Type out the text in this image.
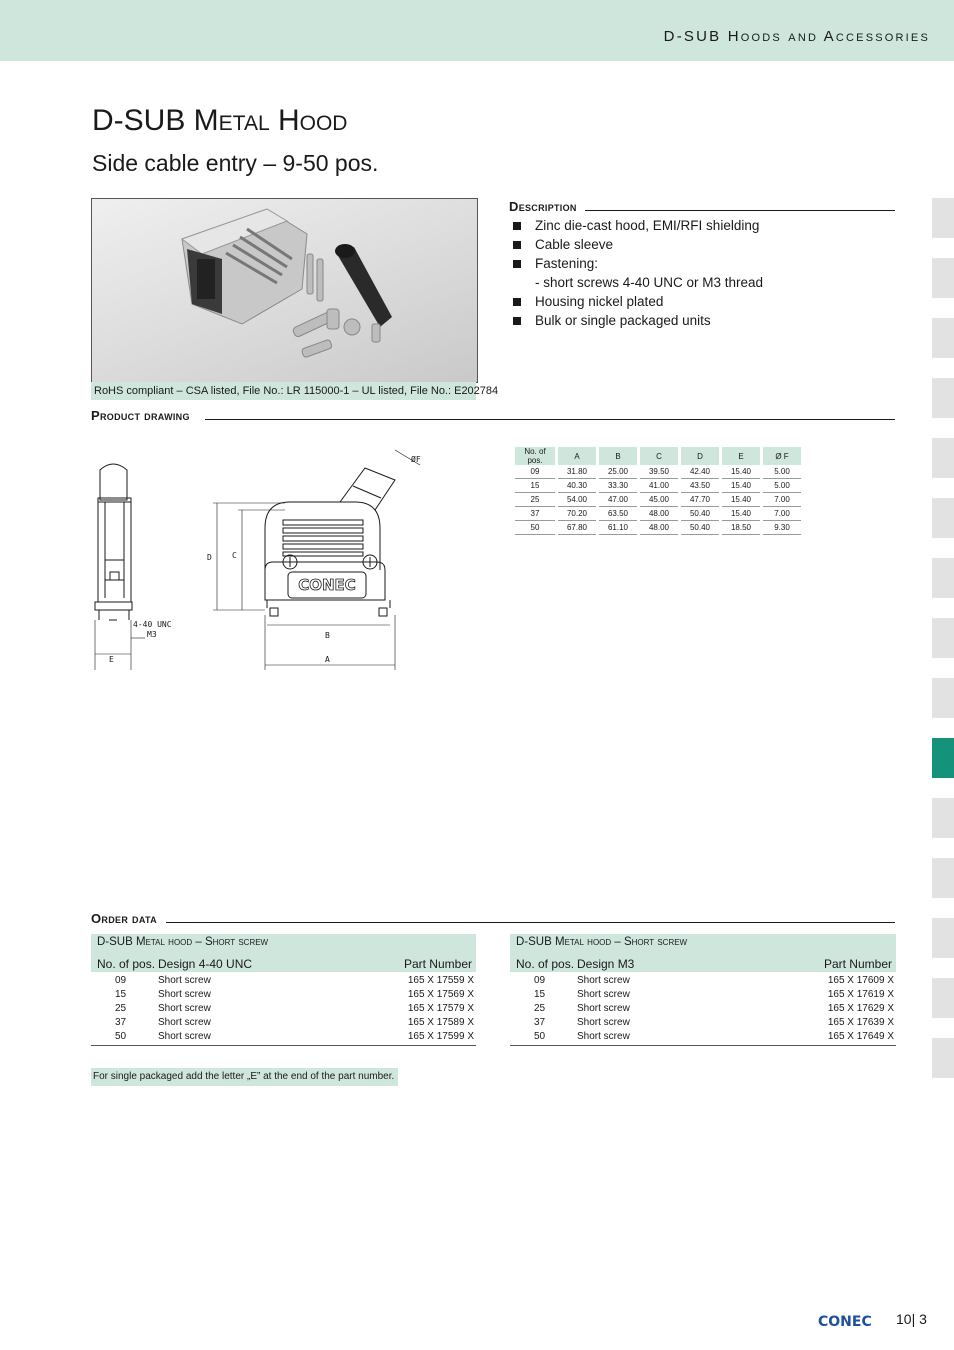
D-SUB Hoods and Accessories
D-SUB Metal Hood
Side cable entry – 9-50 pos.
RoHS compliant – CSA listed, File No.: LR 115000-1 – UL listed, File No.: E202784
Description
Zinc die-cast hood, EMI/RFI shielding
Cable sleeve
Fastening:
- short screws 4-40 UNC or M3 thread
Housing nickel plated
Bulk or single packaged units
Product drawing
4-40 UNC
M3
E
D	C
B
A
ØF
CONEC
No. of pos.	A	B	C	D	E	Ø F
09	31.80	25.00	39.50	42.40	15.40	5.00
15	40.30	33.30	41.00	43.50	15.40	5.00
25	54.00	47.00	45.00	47.70	15.40	7.00
37	70.20	63.50	48.00	50.40	15.40	7.00
50	67.80	61.10	48.00	50.40	18.50	9.30
Order data
D-SUB Metal hood – Short screw
No. of pos. Design 4-40 UNC	Part Number
09	Short screw	165 X 17559 X
15	Short screw	165 X 17569 X
25	Short screw	165 X 17579 X
37	Short screw	165 X 17589 X
50	Short screw	165 X 17599 X
D-SUB Metal hood – Short screw
No. of pos. Design M3	Part Number
09	Short screw	165 X 17609 X
15	Short screw	165 X 17619 X
25	Short screw	165 X 17629 X
37	Short screw	165 X 17639 X
50	Short screw	165 X 17649 X
For single packaged add the letter „E” at the end of the part number.
CONEC 10| 3
